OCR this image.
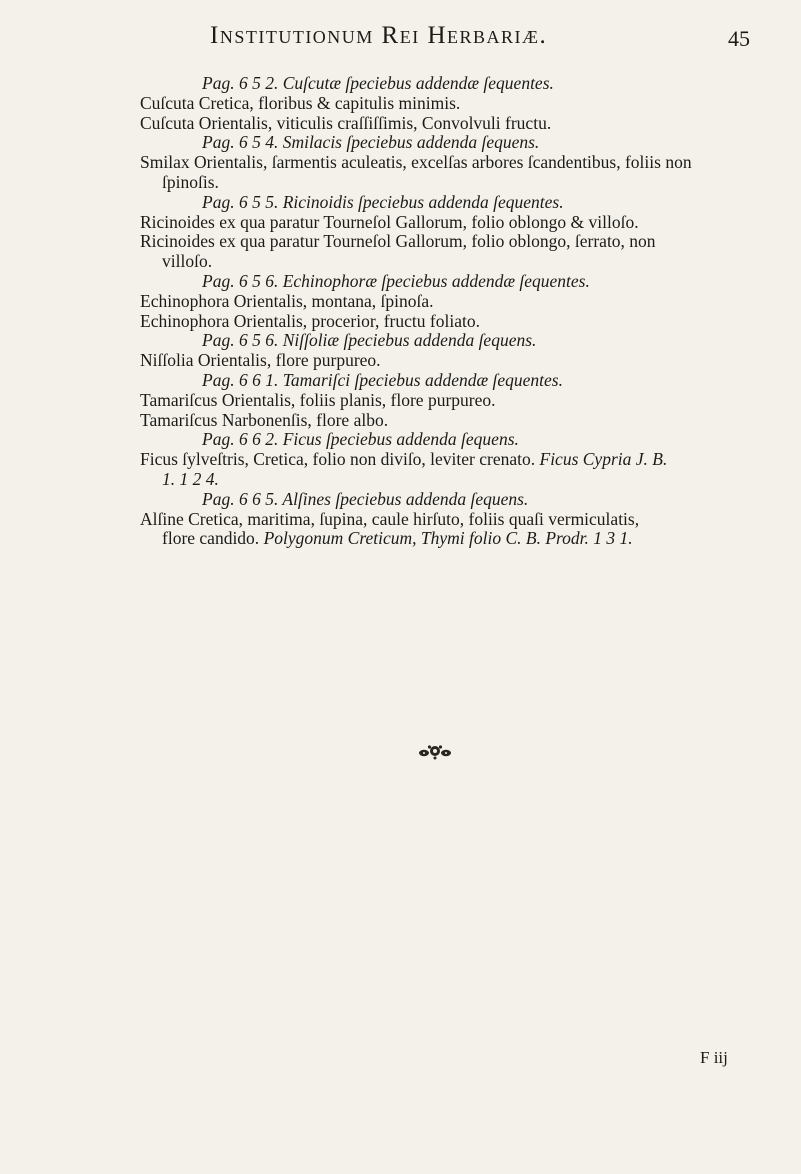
Institutionum Rei Herbariæ.	45
Pag. 6 5 2. Cuſcutæ ſpeciebus addendæ ſequentes.
Cuſcuta Cretica, floribus & capitulis minimis.
Cuſcuta Orientalis, viticulis craſſiſſimis, Convolvuli fructu.
Pag. 6 5 4. Smilacis ſpeciebus addenda ſequens.
Smilax Orientalis, ſarmentis aculeatis, excelſas arbores ſcandentibus, foliis non
ſpinoſis.
Pag. 6 5 5. Ricinoidis ſpeciebus addenda ſequentes.
Ricinoides ex qua paratur Tourneſol Gallorum, folio oblongo & villoſo.
Ricinoides ex qua paratur Tourneſol Gallorum, folio oblongo, ſerrato, non
villoſo.
Pag. 6 5 6. Echinophoræ ſpeciebus addendæ ſequentes.
Echinophora Orientalis, montana, ſpinoſa.
Echinophora Orientalis, procerior, fructu foliato.
Pag. 6 5 6. Niſſoliæ ſpeciebus addenda ſequens.
Niſſolia Orientalis, flore purpureo.
Pag. 6 6 1. Tamariſci ſpeciebus addendæ ſequentes.
Tamariſcus Orientalis, foliis planis, flore purpureo.
Tamariſcus Narbonenſis, flore albo.
Pag. 6 6 2. Ficus ſpeciebus addenda ſequens.
Ficus ſylveſtris, Cretica, folio non diviſo, leviter crenato. Ficus Cypria J. B.
1. 1 2 4.
Pag. 6 6 5. Alſines ſpeciebus addenda ſequens.
Alſine Cretica, maritima, ſupina, caule hirſuto, foliis quaſi vermiculatis,
flore candido. Polygonum Creticum, Thymi folio C. B. Prodr. 1 3 1.
F iij
